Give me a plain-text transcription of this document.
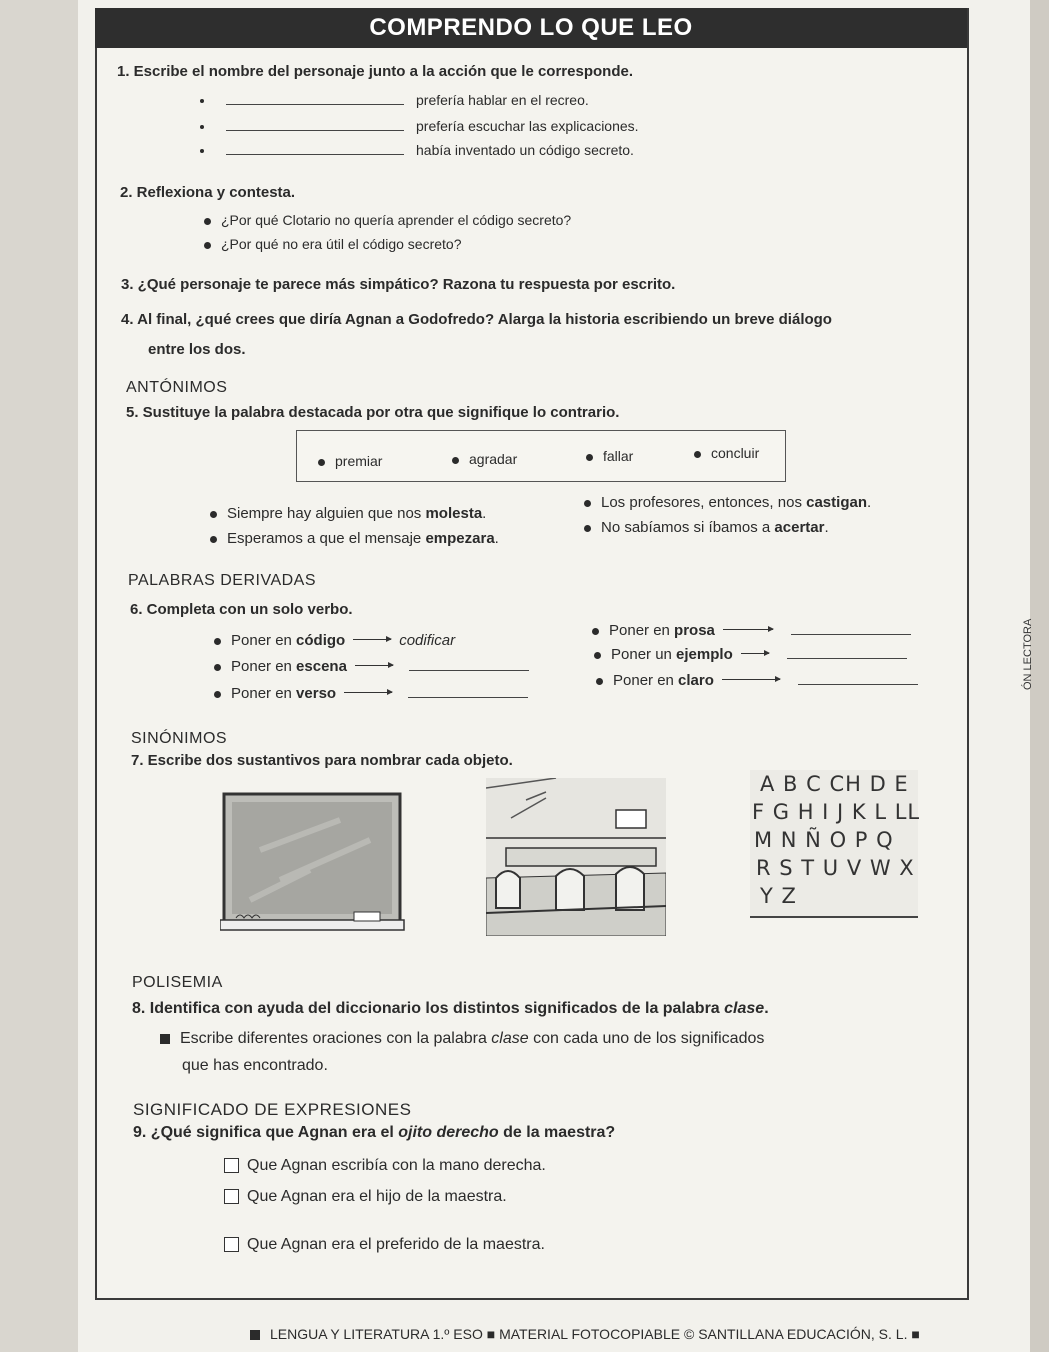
COMPRENDO LO QUE LEO
1. Escribe el nombre del personaje junto a la acción que le corresponde.
prefería hablar en el recreo.
prefería escuchar las explicaciones.
había inventado un código secreto.
2. Reflexiona y contesta.
¿Por qué Clotario no quería aprender el código secreto?
¿Por qué no era útil el código secreto?
3. ¿Qué personaje te parece más simpático? Razona tu respuesta por escrito.
4. Al final, ¿qué crees que diría Agnan a Godofredo? Alarga la historia escribiendo un breve diálogo
entre los dos.
ANTÓNIMOS
5. Sustituye la palabra destacada por otra que signifique lo contrario.
premiar	agradar	fallar	concluir
Siempre hay alguien que nos molesta.
Esperamos a que el mensaje empezara.
Los profesores, entonces, nos castigan.
No sabíamos si íbamos a acertar.
PALABRAS DERIVADAS
6. Completa con un solo verbo.
Poner en código	codificar
Poner en escena
Poner en verso
Poner en prosa
Poner un ejemplo
Poner en claro
SINÓNIMOS
7. Escribe dos sustantivos para nombrar cada objeto.
A B C CH D E
F G H I J K L LL
M N Ñ O P Q
R S T U V W X
Y Z
POLISEMIA
8. Identifica con ayuda del diccionario los distintos significados de la palabra clase.
Escribe diferentes oraciones con la palabra clase con cada uno de los significados
que has encontrado.
SIGNIFICADO DE EXPRESIONES
9. ¿Qué significa que Agnan era el ojito derecho de la maestra?
Que Agnan escribía con la mano derecha.
Que Agnan era el hijo de la maestra.
Que Agnan era el preferido de la maestra.
ÓN LECTORA
LENGUA Y LITERATURA 1.º ESO ■ MATERIAL FOTOCOPIABLE © SANTILLANA EDUCACIÓN, S. L. ■
